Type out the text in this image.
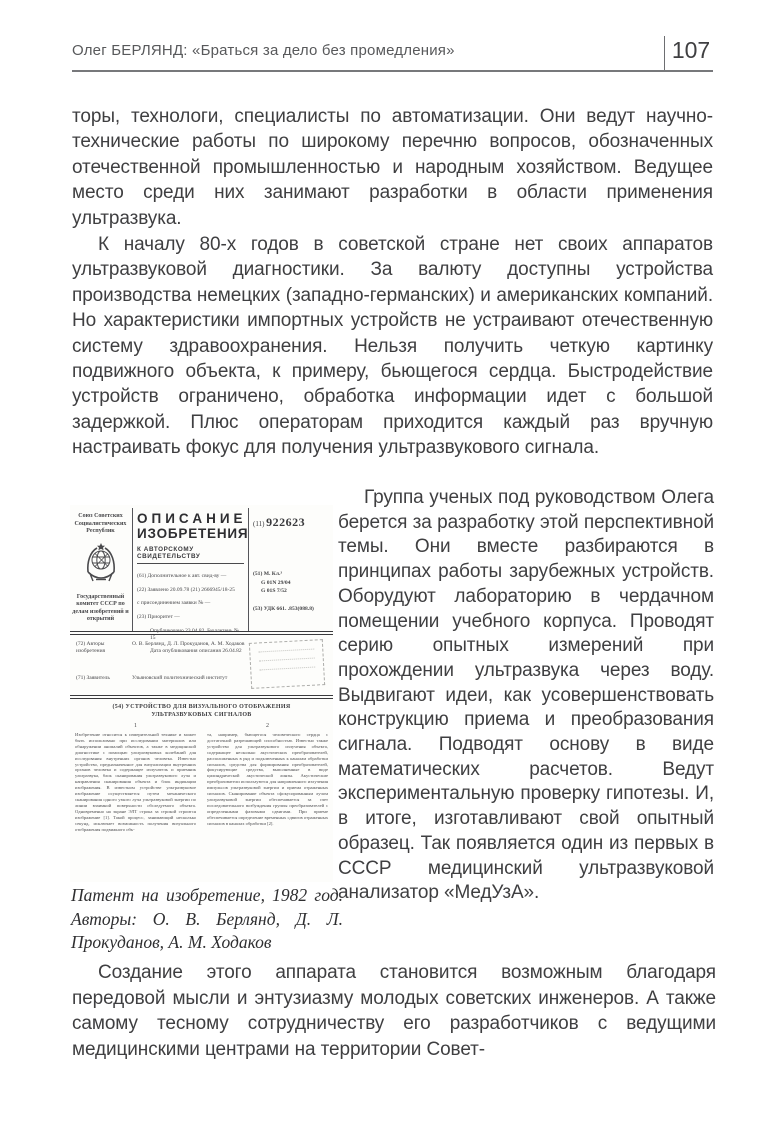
Олег БЕРЛЯНД: «Браться за дело без промедления»	107

торы, технологи, специалисты по автоматизации. Они ведут научно-технические работы по широкому перечню вопросов, обозначенных отечественной промышленностью и народным хозяйством. Ведущее место среди них занимают разработки в области применения ультразвука.

К началу 80-х годов в советской стране нет своих аппаратов ультразвуковой диагностики. За валюту доступны устройства производства немецких (западно-германских) и американских компаний. Но характеристики импортных устройств не устраивают отечественную систему здравоохранения. Нельзя получить четкую картинку подвижного объекта, к примеру, бьющегося сердца. Быстродействие устройств ограничено, обработка информации идет с большой задержкой. Плюс операторам приходится каждый раз вручную настраивать фокус для получения ультразвукового сигнала.

Группа ученых под руководством Олега берется за разработку этой перспективной темы. Они вместе разбираются в принципах работы зарубежных устройств. Оборудуют лабораторию в чердачном помещении учебного корпуса. Проводят серию опытных измерений при прохождении ультразвука через воду. Выдвигают идеи, как усовершенствовать конструкцию приема и преобразования сигнала. Подводят основу в виде математических расчетов. Ведут экспериментальную проверку гипотезы. И, в итоге, изготавливают свой опытный образец. Так появляется один из первых в СССР медицинский ультразвуковой анализатор «МедУзА».

Патент на изобретение, 1982 год. Авторы: О. В. Берлянд, Д. Л. Прокуданов, А. М. Ходаков

Создание этого аппарата становится возможным благодаря передовой мысли и энтузиазму молодых советских инженеров. А также самому тесному сотрудничеству его разработчиков с ведущими медицинскими центрами на территории Совет-

Союз Советских Социалистических Республик
Государственный комитет СССР по делам изобретений и открытий
ОПИСАНИЕ
ИЗОБРЕТЕНИЯ
К АВТОРСКОМУ СВИДЕТЕЛЬСТВУ
(61) Дополнительное к авт. свид-ву —
(22) Заявлено 20.09.78 (21) 2666945/18-25
с присоединением заявки № —
(23) Приоритет —
Опубликовано 23.04.82. Бюллетень № 15
Дата опубликования описания 26.04.82
(11) 922623
(51) М. Кл.³
G 01N 29/04
G 01S 7/52
(53) УДК 661. .853(088.8)
(72) Авторы изобретения
О. В. Берлянд, Д. Л. Прокуданов, А. М. Ходаков
(71) Заявитель	Ульяновский политехнический институт
(54) УСТРОЙСТВО ДЛЯ ВИЗУАЛЬНОГО ОТОБРАЖЕНИЯ УЛЬТРАЗВУКОВЫХ СИГНАЛОВ
1
Изобретение относится к измерительной технике и может быть использовано при исследовании материалов или обнаружении аномалий объектов, а также в медицинской диагностике с помощью ультразвуковых колебаний для исследования внутренних органов человека. Известно устройство, предназначенное для визуализации внутренних органов человека и содержащее излучатель и приемник ультразвука, блок сканирования ультразвукового луча и направления сканирования объекта и блок индикации изображения. В известном устройстве ультразвуковое изображение осуществляется путем механического сканирования одного узкого луча ультразвуковой энергии по линии взаимной поверхности обследуемого объекта. Одновременно на экране ЭЛТ строка за строкой строится изображение [1]. Такой процесс, занимающий несколько секунд, исключает возможность получения визуального отображения подвижного объ-
2
та, например, бьющегося человеческого сердца с достаточной разрешающей способностью. Известно также устройство для ультразвукового излучения объекта, содержащее несколько акустических преобразователей, расположенных в ряд и подключенных к каналам обработки сигналов, средства для формирования преобразователей, фокусирующие средства, выполненные в виде цилиндрической акустической линзы. Акустические преобразователи используются для направленного излучения импульсов ультразвуковой энергии и приема отраженных сигналов. Сканирование объекта сфокусированным лучом ультразвуковой энергии обеспечивается за счет последовательного возбуждения группы преобразователей с определенными фазовыми сдвигами. При приеме обеспечивается определение временных сдвигов отраженных сигналов в каналах обработки [2].
